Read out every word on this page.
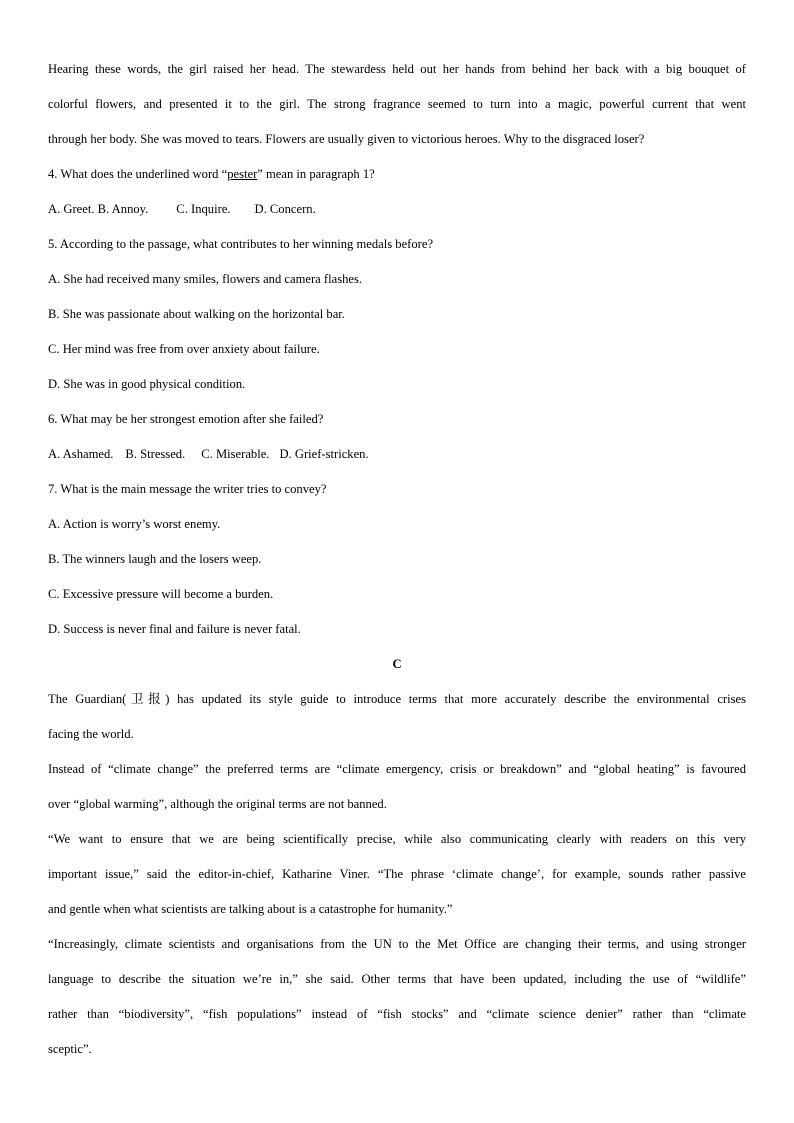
Hearing these words, the girl raised her head. The stewardess held out her hands from behind her back with a big bouquet of
colorful flowers, and presented it to the girl. The strong fragrance seemed to turn into a magic, powerful current that went
through her body. She was moved to tears. Flowers are usually given to victorious heroes. Why to the disgraced loser?
4. What does the underlined word “pester” mean in paragraph 1?
A. Greet. B. Annoy. C. Inquire. D. Concern.
5. According to the passage, what contributes to her winning medals before?
A. She had received many smiles, flowers and camera flashes.
B. She was passionate about walking on the horizontal bar.
C. Her mind was free from over anxiety about failure.
D. She was in good physical condition.
6. What may be her strongest emotion after she failed?
A. Ashamed. B. Stressed. C. Miserable. D. Grief-stricken.
7. What is the main message the writer tries to convey?
A. Action is worry’s worst enemy.
B. The winners laugh and the losers weep.
C. Excessive pressure will become a burden.
D. Success is never final and failure is never fatal.
C
The Guardian(卫报) has updated its style guide to introduce terms that more accurately describe the environmental crises
facing the world.
Instead of “climate change” the preferred terms are “climate emergency, crisis or breakdown” and “global heating” is favoured
over “global warming”, although the original terms are not banned.
“We want to ensure that we are being scientifically precise, while also communicating clearly with readers on this very
important issue,” said the editor-in-chief, Katharine Viner. “The phrase ‘climate change’, for example, sounds rather passive
and gentle when what scientists are talking about is a catastrophe for humanity.”
“Increasingly, climate scientists and organisations from the UN to the Met Office are changing their terms, and using stronger
language to describe the situation we’re in,” she said. Other terms that have been updated, including the use of “wildlife”
rather than “biodiversity”, “fish populations” instead of “fish stocks” and “climate science denier” rather than “climate
sceptic”.
